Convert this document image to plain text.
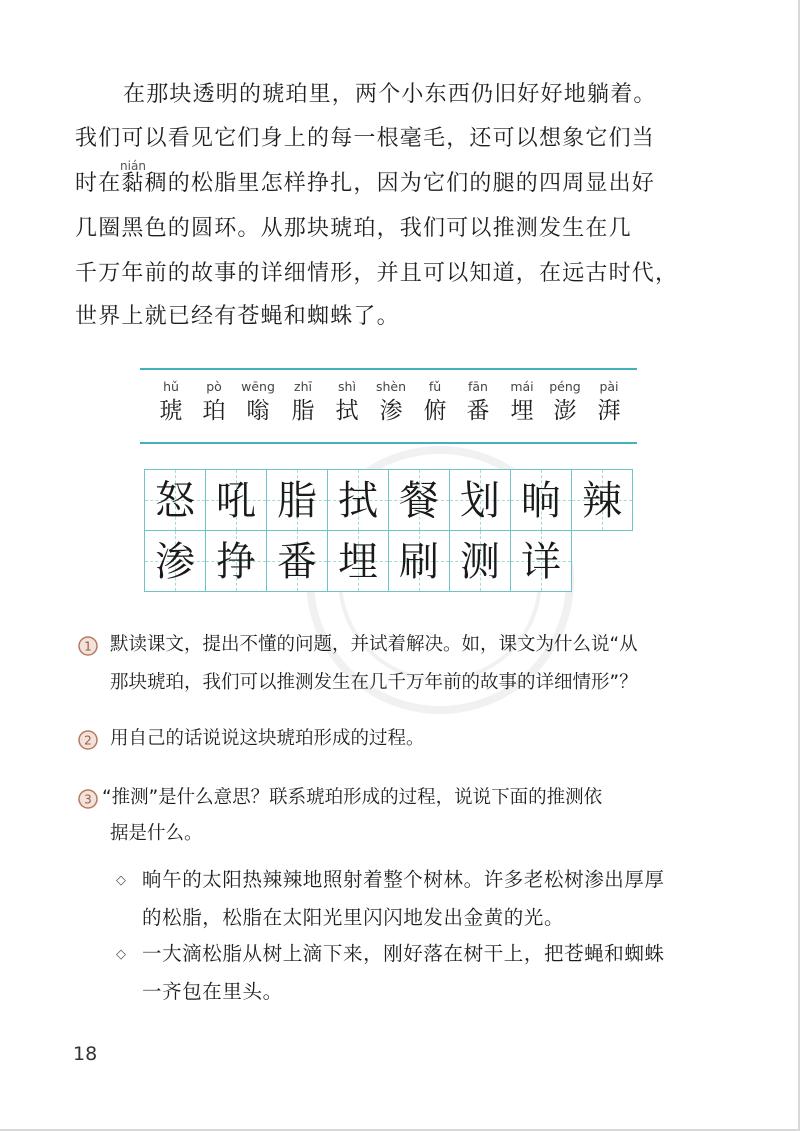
在那块透明的琥珀里，两个小东西仍旧好好地躺着。
我们可以看见它们身上的每一根毫毛，还可以想象它们当
时在
nián
黏稠的松脂里怎样挣扎，因为它们的腿的四周显出好
几圈黑色的圆环。从那块琥珀，我们可以推测发生在几
千万年前的故事的详细情形，并且可以知道，在远古时代，
世界上就已经有苍蝇和蜘蛛了。
hǔ
琥
pò
珀
wēng
嗡
zhī
脂
shì
拭
shèn
渗
fǔ
俯
fān
番
mái
埋
péng
澎
pài
湃
怒 吼 脂 拭 餐 划 晌 辣
渗 挣 番 埋 刷 测 详
1 默读课文，提出不懂的问题，并试着解决。如，课文为什么说“从
那块琥珀，我们可以推测发生在几千万年前的故事的详细情形”？
2 用自己的话说说这块琥珀形成的过程。
3 “推测”是什么意思？联系琥珀形成的过程，说说下面的推测依
据是什么。
◇ 晌午的太阳热辣辣地照射着整个树林。许多老松树渗出厚厚
的松脂，松脂在太阳光里闪闪地发出金黄的光。
◇ 一大滴松脂从树上滴下来，刚好落在树干上，把苍蝇和蜘蛛
一齐包在里头。
18
